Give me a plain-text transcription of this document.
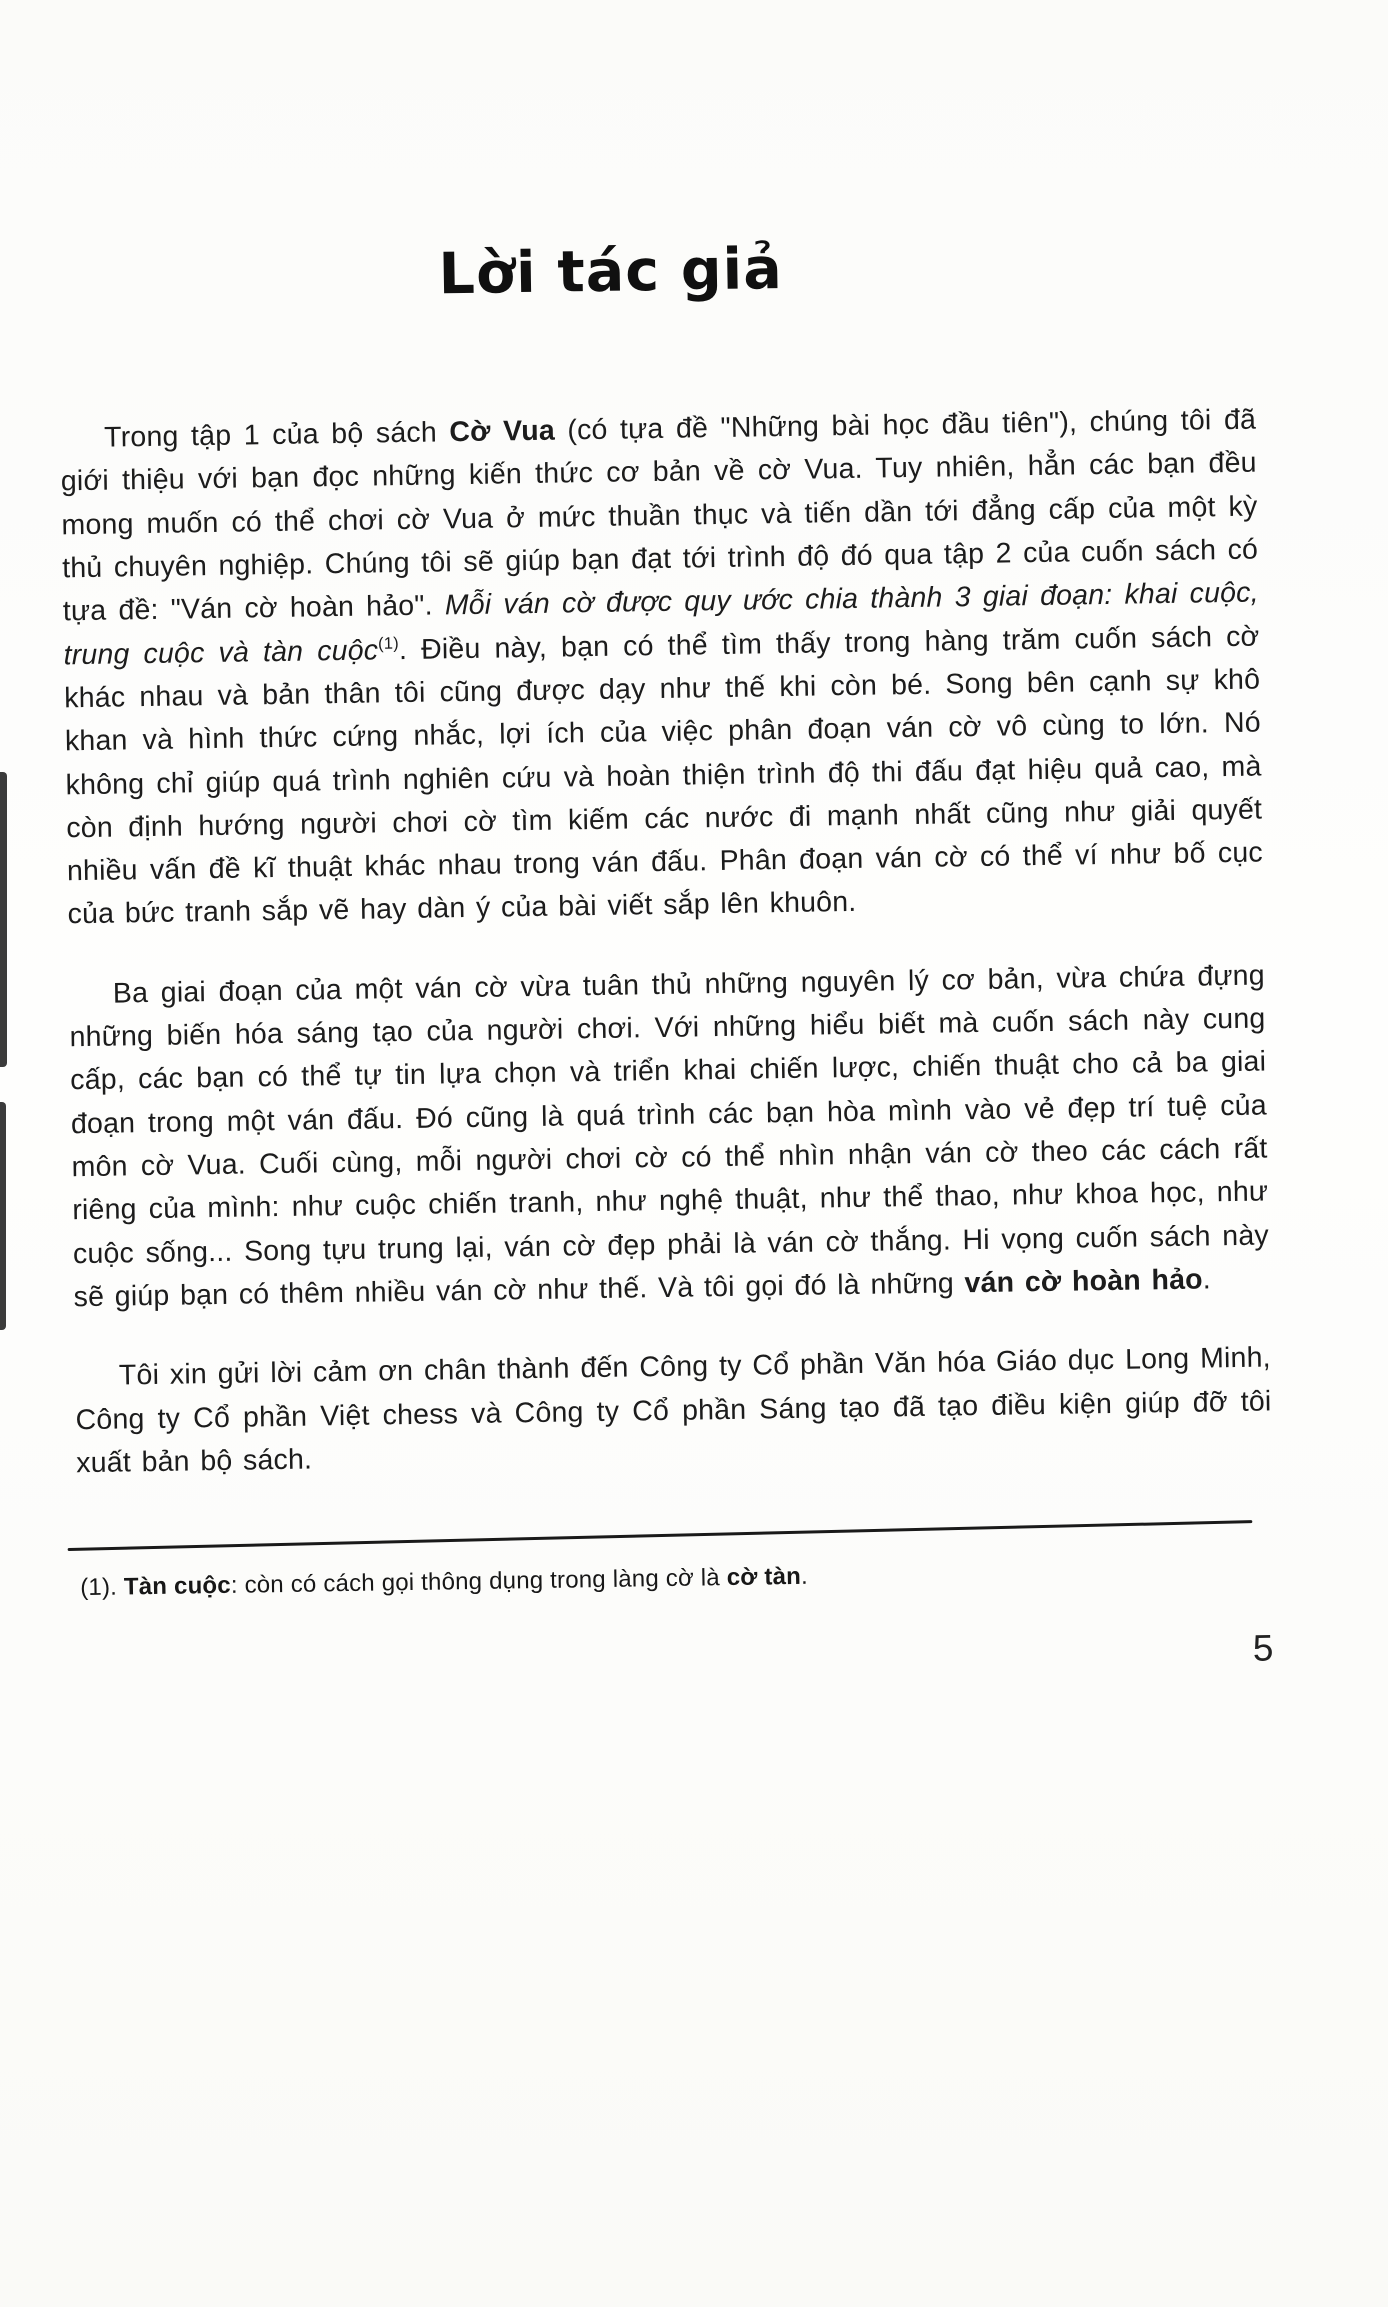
Lời tác giả

Trong tập 1 của bộ sách Cờ Vua (có tựa đề "Những bài học đầu tiên"), chúng tôi đã giới thiệu với bạn đọc những kiến thức cơ bản về cờ Vua. Tuy nhiên, hẳn các bạn đều mong muốn có thể chơi cờ Vua ở mức thuần thục và tiến dần tới đẳng cấp của một kỳ thủ chuyên nghiệp. Chúng tôi sẽ giúp bạn đạt tới trình độ đó qua tập 2 của cuốn sách có tựa đề: "Ván cờ hoàn hảo". Mỗi ván cờ được quy ước chia thành 3 giai đoạn: khai cuộc, trung cuộc và tàn cuộc$^{(1)}$. Điều này, bạn có thể tìm thấy trong hàng trăm cuốn sách cờ khác nhau và bản thân tôi cũng được dạy như thế khi còn bé. Song bên cạnh sự khô khan và hình thức cứng nhắc, lợi ích của việc phân đoạn ván cờ vô cùng to lớn. Nó không chỉ giúp quá trình nghiên cứu và hoàn thiện trình độ thi đấu đạt hiệu quả cao, mà còn định hướng người chơi cờ tìm kiếm các nước đi mạnh nhất cũng như giải quyết nhiều vấn đề kĩ thuật khác nhau trong ván đấu. Phân đoạn ván cờ có thể ví như bố cục của bức tranh sắp vẽ hay dàn ý của bài viết sắp lên khuôn.

Ba giai đoạn của một ván cờ vừa tuân thủ những nguyên lý cơ bản, vừa chứa đựng những biến hóa sáng tạo của người chơi. Với những hiểu biết mà cuốn sách này cung cấp, các bạn có thể tự tin lựa chọn và triển khai chiến lược, chiến thuật cho cả ba giai đoạn trong một ván đấu. Đó cũng là quá trình các bạn hòa mình vào vẻ đẹp trí tuệ của môn cờ Vua. Cuối cùng, mỗi người chơi cờ có thể nhìn nhận ván cờ theo các cách rất riêng của mình: như cuộc chiến tranh, như nghệ thuật, như thể thao, như khoa học, như cuộc sống... Song tựu trung lại, ván cờ đẹp phải là ván cờ thắng. Hi vọng cuốn sách này sẽ giúp bạn có thêm nhiều ván cờ như thế. Và tôi gọi đó là những ván cờ hoàn hảo.

Tôi xin gửi lời cảm ơn chân thành đến Công ty Cổ phần Văn hóa Giáo dục Long Minh, Công ty Cổ phần Việt chess và Công ty Cổ phần Sáng tạo đã tạo điều kiện giúp đỡ tôi xuất bản bộ sách.

(1). Tàn cuộc: còn có cách gọi thông dụng trong làng cờ là cờ tàn.

5
